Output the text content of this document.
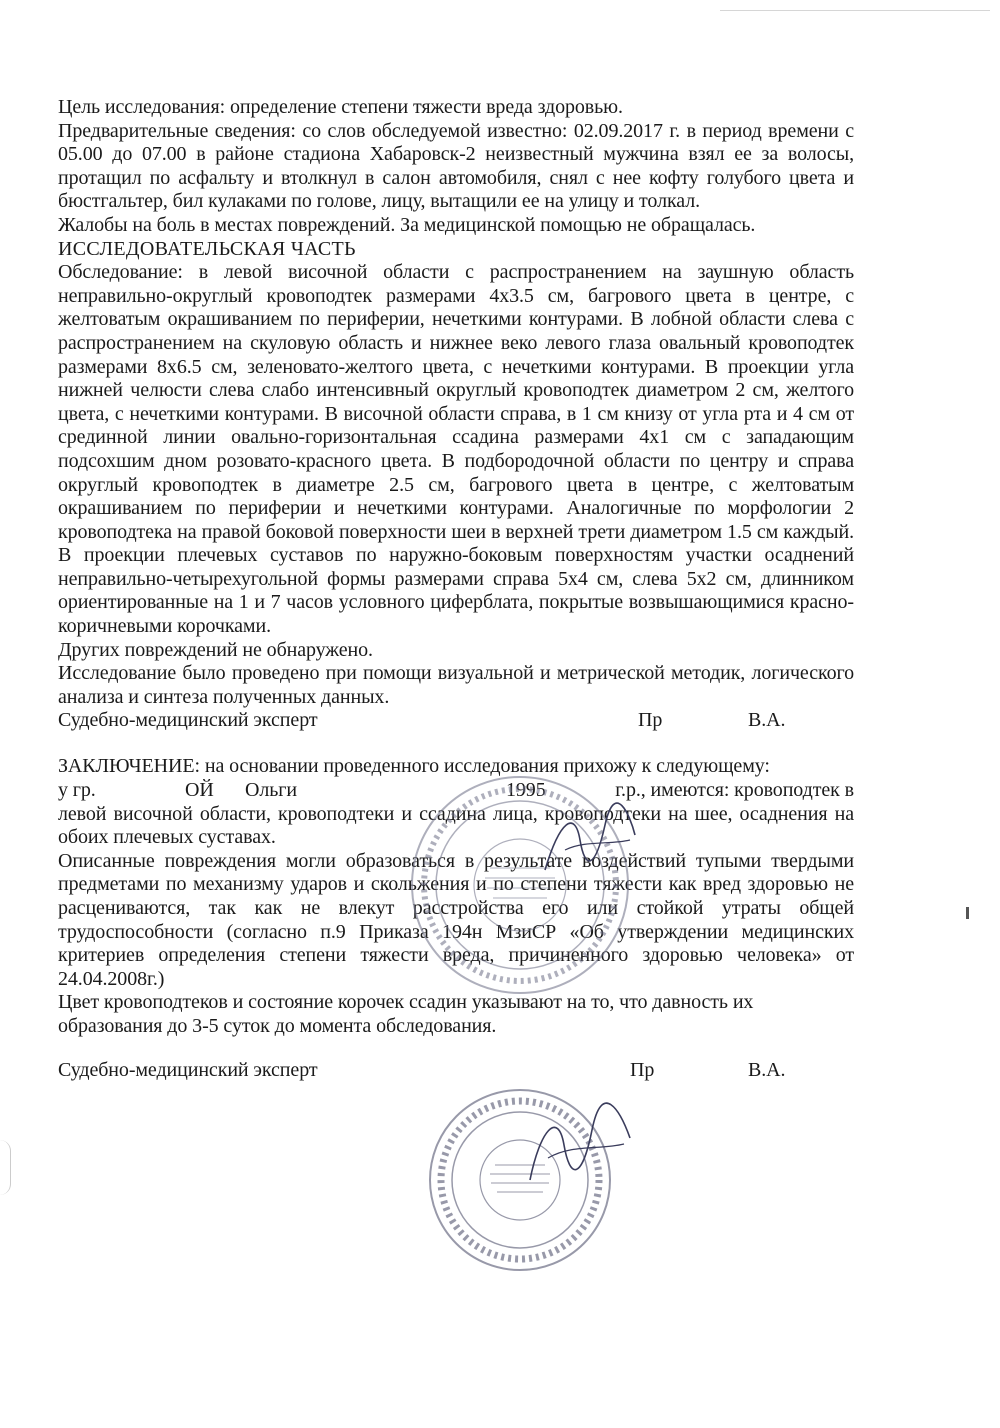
Цель исследования: определение степени тяжести вреда здоровью.

Предварительные сведения: со слов обследуемой известно: 02.09.2017 г. в период времени с 05.00 до 07.00 в районе стадиона Хабаровск-2 неизвестный мужчина взял ее за волосы, протащил по асфальту и втолкнул в салон автомобиля, снял с нее кофту голубого цвета и бюстгальтер, бил кулаками по голове, лицу, вытащили ее на улицу и толкал.

Жалобы на боль в местах повреждений. За медицинской помощью не обращалась.

ИССЛЕДОВАТЕЛЬСКАЯ ЧАСТЬ

Обследование: в левой височной области с распространением на заушную область неправильно-округлый кровоподтек размерами 4х3.5 см, багрового цвета в центре, с желтоватым окрашиванием по периферии, нечеткими контурами. В лобной области слева с распространением на скуловую область и нижнее веко левого глаза овальный кровоподтек размерами 8х6.5 см, зеленовато-желтого цвета, с нечеткими контурами. В проекции угла нижней челюсти слева слабо интенсивный округлый кровоподтек диаметром 2 см, желтого цвета, с нечеткими контурами. В височной области справа, в 1 см книзу от угла рта и 4 см от срединной линии овально-горизонтальная ссадина размерами 4х1 см с западающим подсохшим дном розовато-красного цвета. В подбородочной области по центру и справа округлый кровоподтек в диаметре 2.5 см, багрового цвета в центре, с желтоватым окрашиванием по периферии и нечеткими контурами. Аналогичные по морфологии 2 кровоподтека на правой боковой поверхности шеи в верхней трети диаметром 1.5 см каждый. В проекции плечевых суставов по наружно-боковым поверхностям участки осаднений неправильно-четырехугольной формы размерами справа 5х4 см, слева 5х2 см, длинником ориентированные на 1 и 7 часов условного циферблата, покрытые возвышающимися красно-коричневыми корочками.

Других повреждений не обнаружено.

Исследование было проведено при помощи визуальной и метрической методик, логического анализа и синтеза полученных данных.

Судебно-медицинский эксперт	Пр	В.А.

ЗАКЛЮЧЕНИЕ: на основании проведенного исследования прихожу к следующему:

у гр.	ОЙ Ольги	1995	г.р., имеются: кровоподтек в

левой височной области, кровоподтеки и ссадина лица, кровоподтеки на шее, осаднения на обоих плечевых суставах.

Описанные повреждения могли образоваться в результате воздействий тупыми твердыми предметами по механизму ударов и скольжения и по степени тяжести как вред здоровью не расцениваются, так как не влекут расстройства его или стойкой утраты общей трудоспособности (согласно п.9 Приказа 194н МзиСР «Об утверждении медицинских критериев определения степени тяжести вреда, причиненного здоровью человека» от 24.04.2008г.)

Цвет кровоподтеков и состояние корочек ссадин указывают на то, что давность их образования до 3-5 суток до момента обследования.

Судебно-медицинский эксперт	Пр	В.А.
